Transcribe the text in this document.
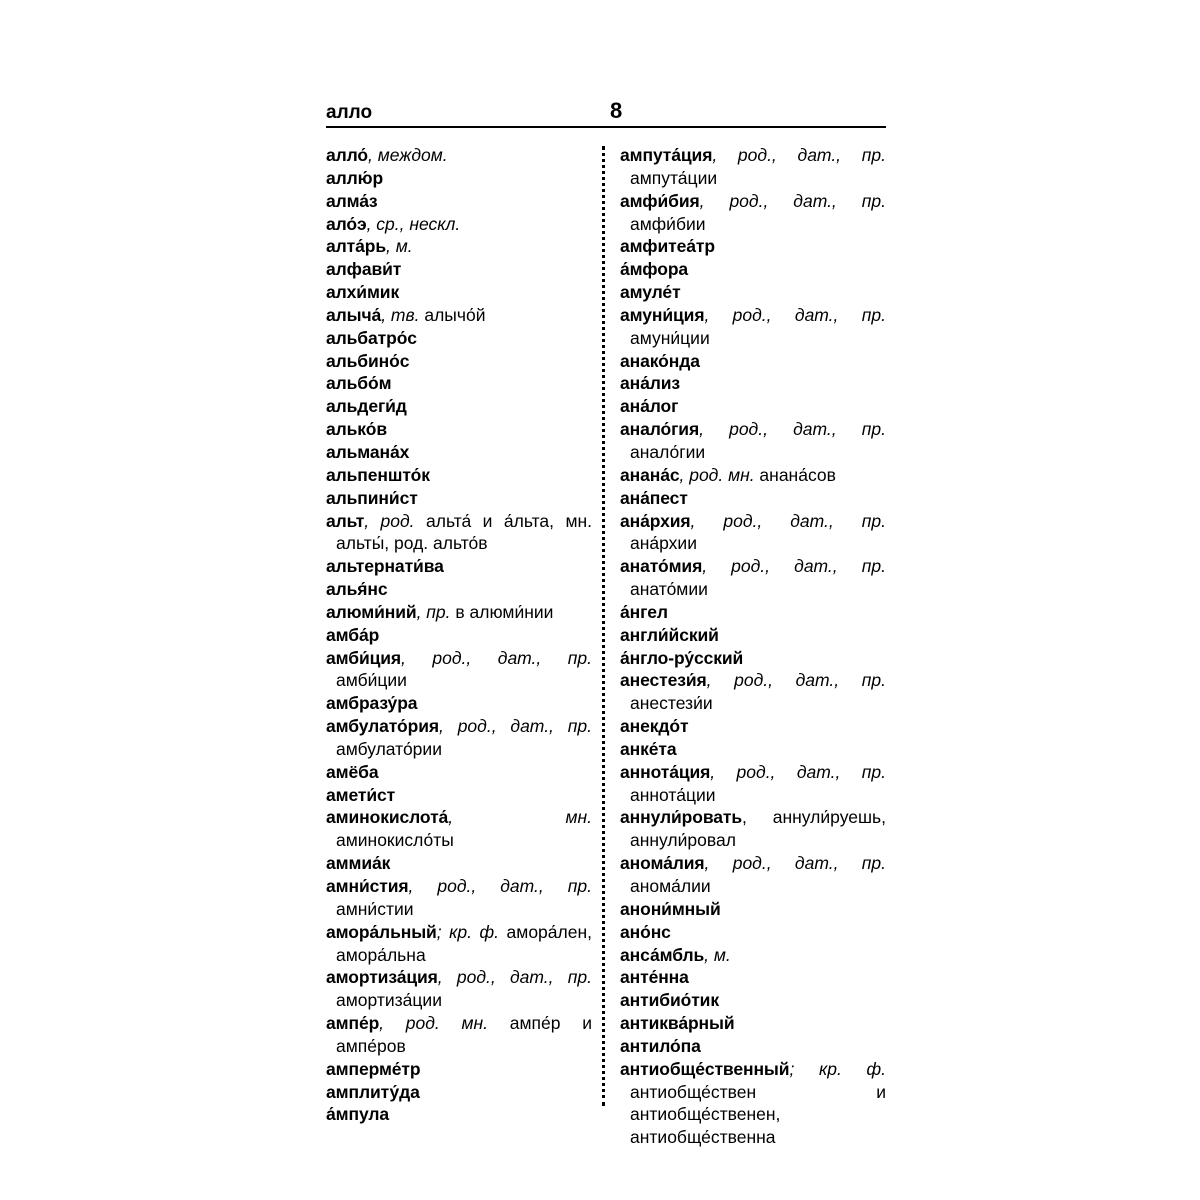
алло	8
алло́, междом.
аллю́р
алма́з
ало́э, ср., нескл.
алта́рь, м.
алфави́т
алхи́мик
алыча́, тв. алычо́й
альбатро́с
альбино́с
альбо́м
альдеги́д
алько́в
альмана́х
альпеншто́к
альпини́ст
альт, род. альта́ и а́льта, мн. альты́, род. альто́в
альтернати́ва
алья́нс
алюми́ний, пр. в алюми́нии
амба́р
амби́ция, род., дат., пр. амби́ции
амбразу́ра
амбулато́рия, род., дат., пр. амбулато́рии
амёба
амети́ст
аминокислота́, мн. аминокисло́ты
аммиа́к
амни́стия, род., дат., пр. амни́стии
амора́льный; кр. ф. амора́лен, амора́льна
амортиза́ция, род., дат., пр. амортиза́ции
ампе́р, род. мн. ампе́р и ампе́ров
амперме́тр
амплиту́да
а́мпула
ампута́ция, род., дат., пр. ампута́ции
амфи́бия, род., дат., пр. амфи́бии
амфитеа́тр
а́мфора
амуле́т
амуни́ция, род., дат., пр. амуни́ции
анако́нда
ана́лиз
ана́лог
анало́гия, род., дат., пр. анало́гии
анана́с, род. мн. анана́сов
ана́пест
ана́рхия, род., дат., пр. ана́рхии
анато́мия, род., дат., пр. анато́мии
а́нгел
англи́йский
а́нгло-ру́сский
анестези́я, род., дат., пр. анестези́и
анекдо́т
анке́та
аннота́ция, род., дат., пр. аннота́ции
аннули́ровать, аннули́руешь, аннули́ровал
анома́лия, род., дат., пр. анома́лии
анони́мный
ано́нс
анса́мбль, м.
анте́нна
антибио́тик
антиква́рный
антило́па
антиобще́ственный; кр. ф. антиобще́ствен и антиобще́ственен, антиобще́ственна
